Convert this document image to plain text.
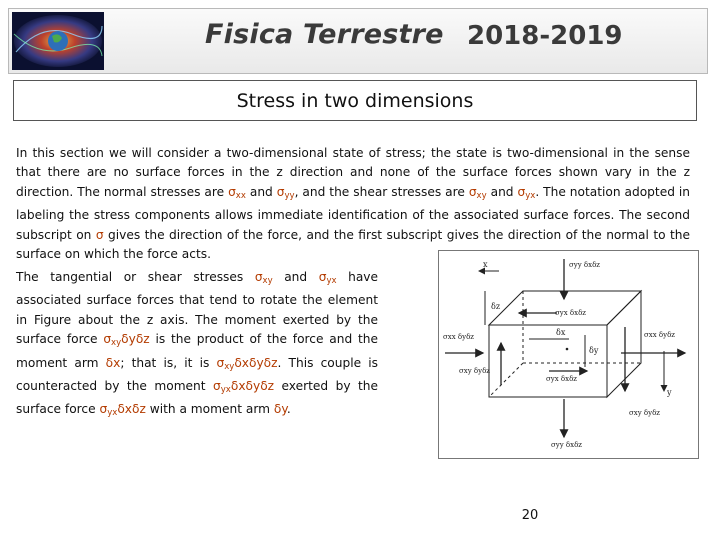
Fisica Terrestre 2018-2019
Stress in two dimensions

In this section we will consider a two-dimensional state of stress; the state is two-dimensional in the sense that there are no surface forces in the z direction and none of the surface forces shown vary in the z direction. The normal stresses are $\sigma_{xx}$ and $\sigma_{yy}$, and the shear stresses are $\sigma_{xy}$ and $\sigma_{yx}$. The notation adopted in labeling the stress components allows immediate identification of the associated surface forces. The second subscript on σ gives the direction of the force, and the first subscript gives the direction of the normal to the surface on which the force acts.

The tangential or shear stresses $\sigma_{xy}$ and $\sigma_{yx}$ have associated surface forces that tend to rotate the element in Figure about the z axis. The moment exerted by the surface force $\sigma_{xy}\delta y\delta z$ is the product of the force and the moment arm δx; that is, it is $\sigma_{xy}\delta x\delta y\delta z$. This couple is counteracted by the moment $\sigma_{yx}\delta x\delta y\delta z$ exerted by the surface force $\sigma_{yx}\delta x\delta z$ with a moment arm δy.

σyy δxδz
σyx δxδz
σxx δyδz	σxx δyδz
σxy δyδz
σyx δxδz
σxy δyδz
σyy δxδz
δx
δy
δz
x
y
20
